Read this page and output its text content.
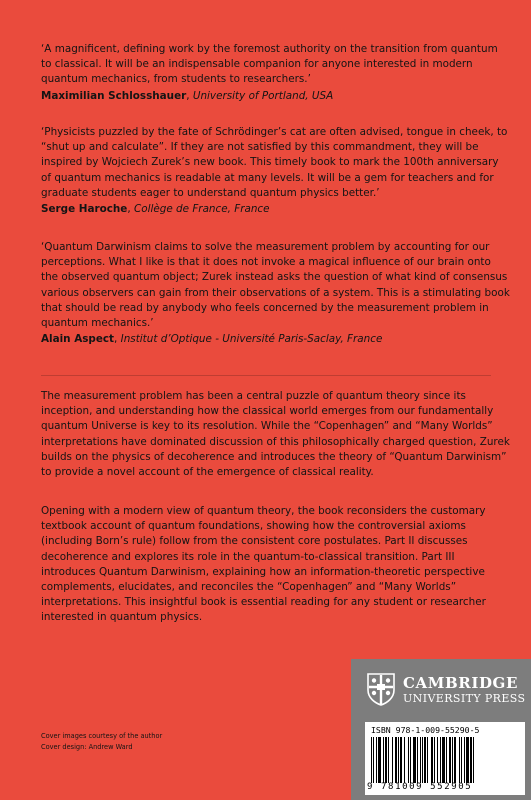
‘A magnificent, defining work by the foremost authority on the transition from quantum to classical. It will be an indispensable companion for anyone interested in modern quantum mechanics, from students to researchers.’

Maximilian Schlosshauer, University of Portland, USA

‘Physicists puzzled by the fate of Schrödinger’s cat are often advised, tongue in cheek, to “shut up and calculate”. If they are not satisfied by this commandment, they will be inspired by Wojciech Zurek’s new book. This timely book to mark the 100th anniversary of quantum mechanics is readable at many levels. It will be a gem for teachers and for graduate students eager to understand quantum physics better.’

Serge Haroche, Collège de France, France

‘Quantum Darwinism claims to solve the measurement problem by accounting for our perceptions. What I like is that it does not invoke a magical influence of our brain onto the observed quantum object; Zurek instead asks the question of what kind of consensus various observers can gain from their observations of a system. This is a stimulating book that should be read by anybody who feels concerned by the measurement problem in quantum mechanics.’

Alain Aspect, Institut d’Optique - Université Paris-Saclay, France

The measurement problem has been a central puzzle of quantum theory since its inception, and understanding how the classical world emerges from our fundamentally quantum Universe is key to its resolution. While the “Copenhagen” and “Many Worlds” interpretations have dominated discussion of this philosophically charged question, Zurek builds on the physics of decoherence and introduces the theory of “Quantum Darwinism” to provide a novel account of the emergence of classical reality.

Opening with a modern view of quantum theory, the book reconsiders the customary textbook account of quantum foundations, showing how the controversial axioms (including Born’s rule) follow from the consistent core postulates. Part II discusses decoherence and explores its role in the quantum-to-classical transition. Part III introduces Quantum Darwinism, explaining how an information-theoretic perspective complements, elucidates, and reconciles the “Copenhagen” and “Many Worlds” interpretations. This insightful book is essential reading for any student or researcher interested in quantum physics.

Cover images courtesy of the author
Cover design: Andrew Ward
CAMBRIDGE
UNIVERSITY PRESS
ISBN 978-1-009-55290-5
9 781009 552905
